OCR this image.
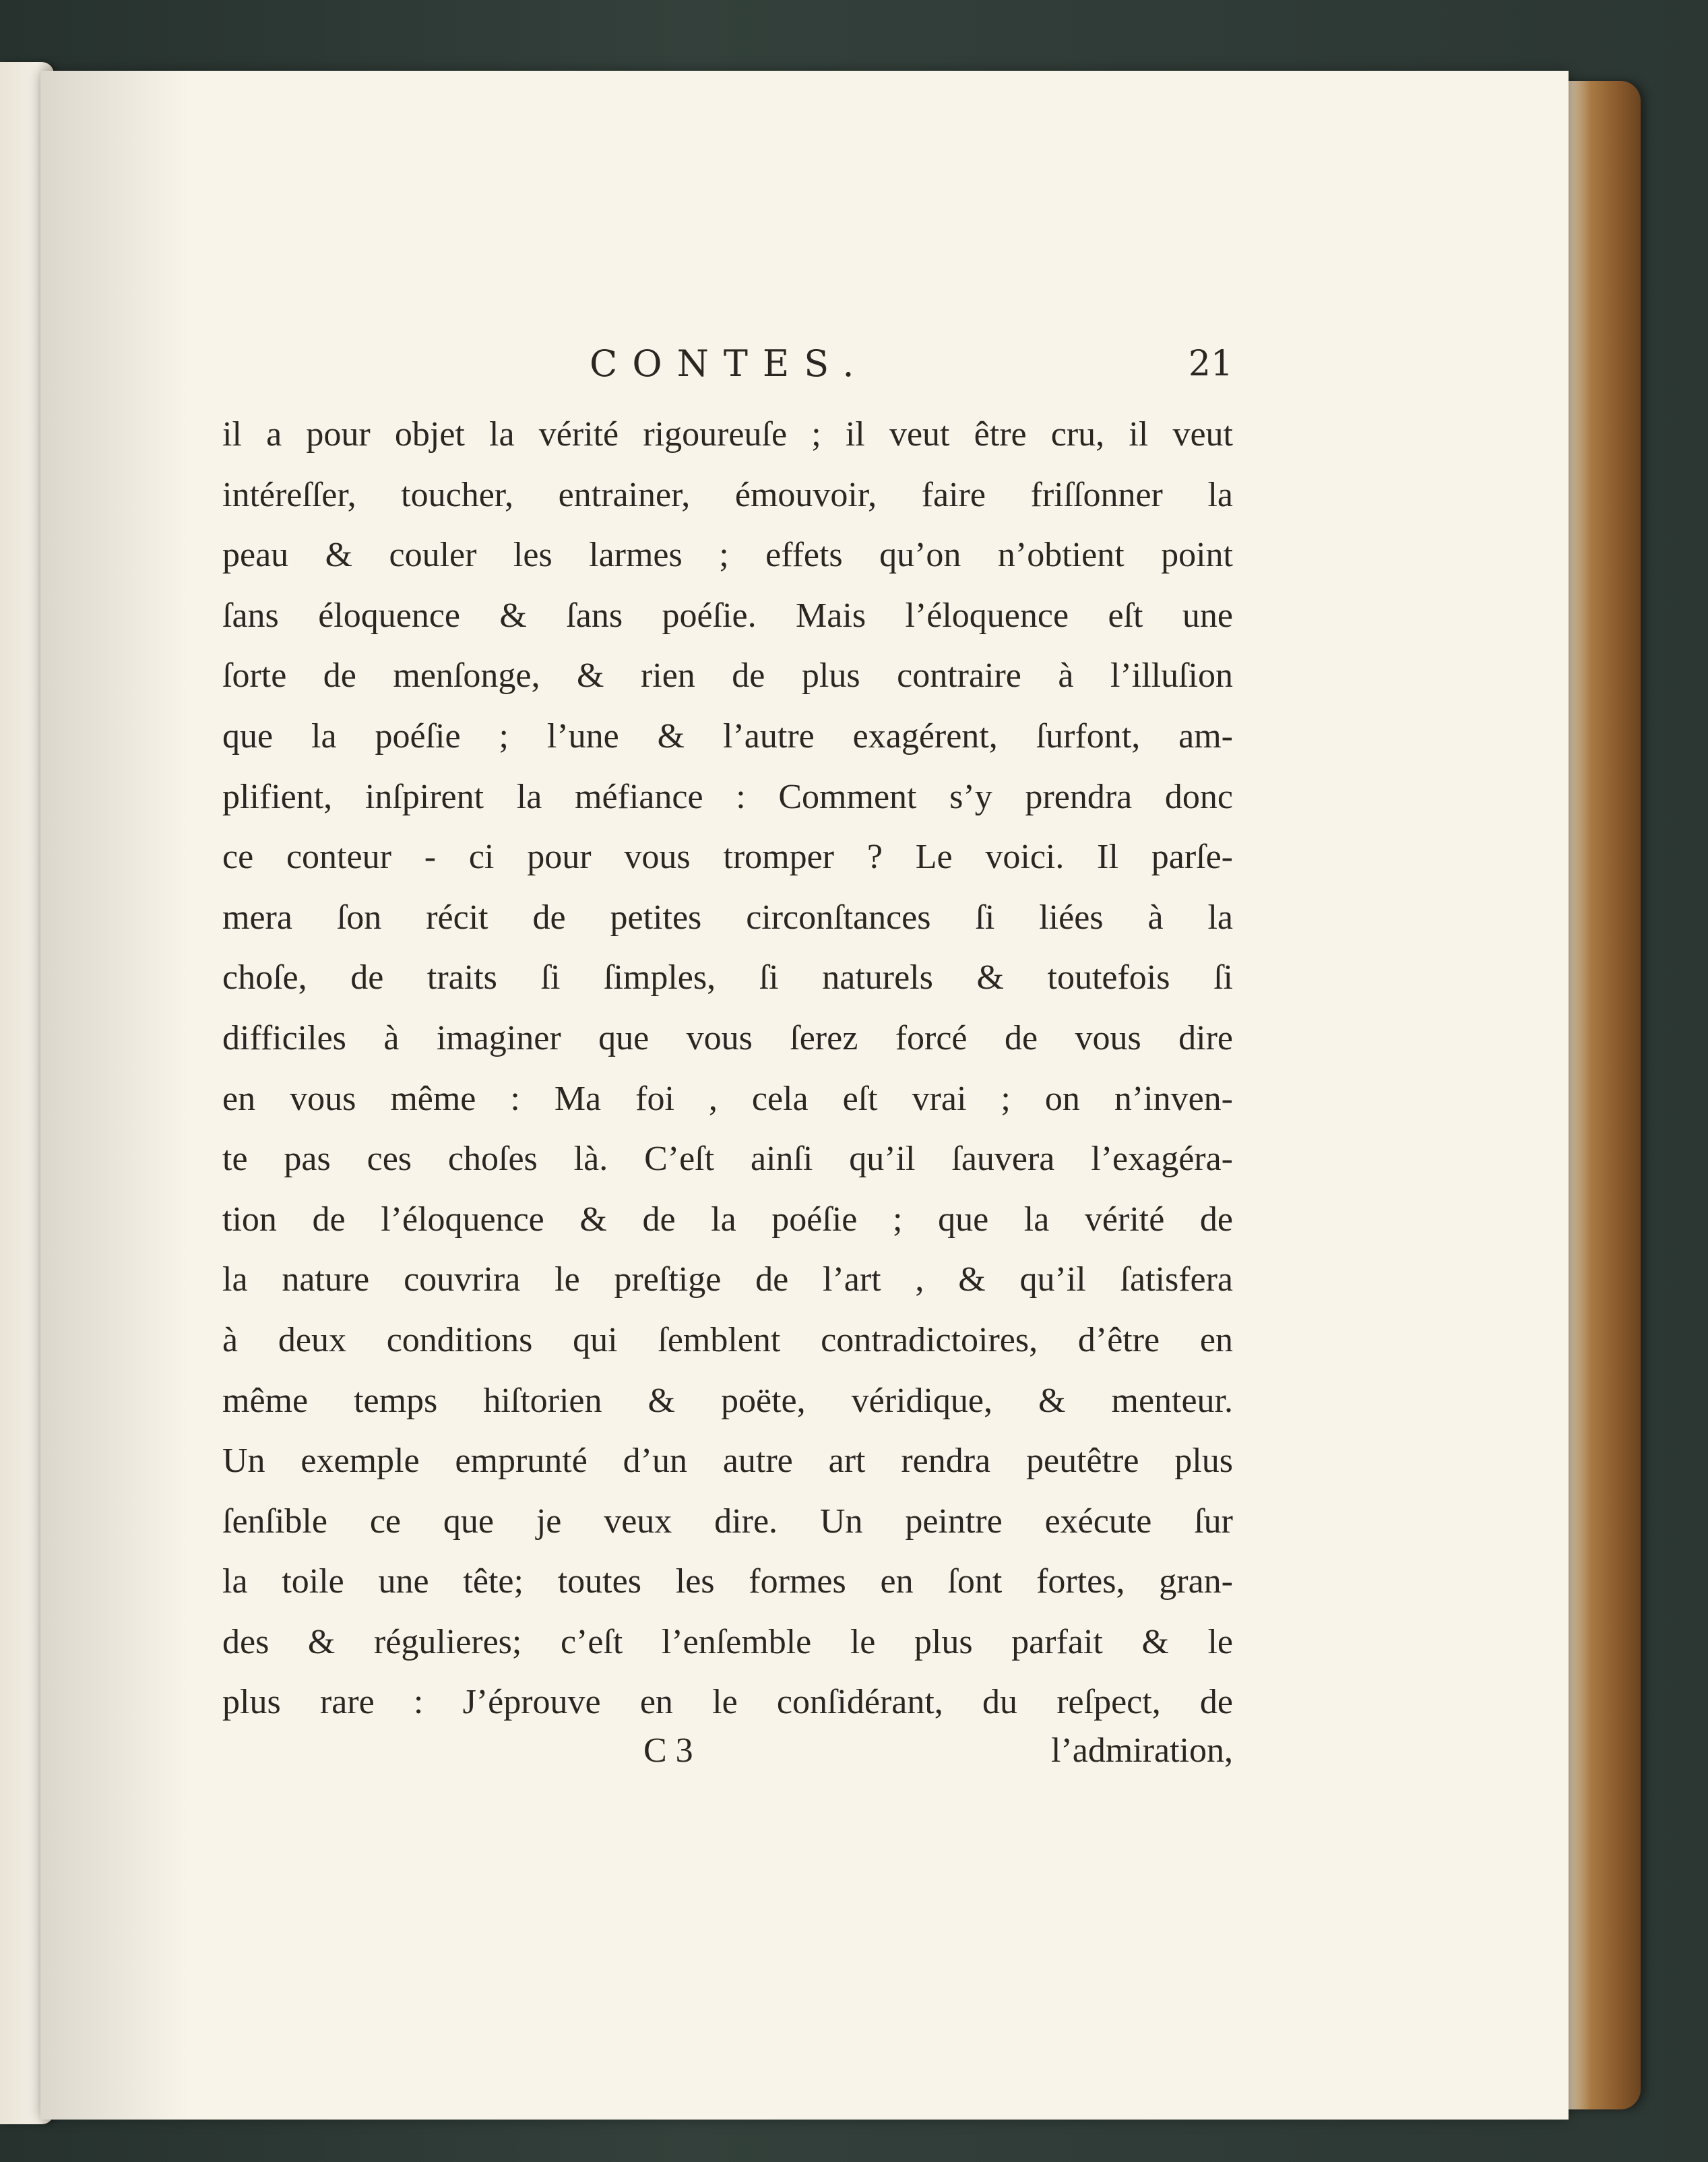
CONTES.	21
il a pour objet la vérité rigoureuſe ; il veut être cru, il veut
intéreſſer, toucher, entrainer, émouvoir, faire friſſonner la
peau & couler les larmes ; effets qu’on n’obtient point
ſans éloquence & ſans poéſie. Mais l’éloquence eſt une
ſorte de menſonge, & rien de plus contraire à l’illuſion
que la poéſie ; l’une & l’autre exagérent, ſurfont, am-
plifient, inſpirent la méfiance : Comment s’y prendra donc
ce conteur - ci pour vous tromper ? Le voici. Il parſe-
mera ſon récit de petites circonſtances ſi liées à la
choſe, de traits ſi ſimples, ſi naturels & toutefois ſi
difficiles à imaginer que vous ſerez forcé de vous dire
en vous même : Ma foi , cela eſt vrai ; on n’inven-
te pas ces choſes là. C’eſt ainſi qu’il ſauvera l’exagéra-
tion de l’éloquence & de la poéſie ; que la vérité de
la nature couvrira le preſtige de l’art , & qu’il ſatisfera
à deux conditions qui ſemblent contradictoires, d’être en
même temps hiſtorien & poëte, véridique, & menteur.
Un exemple emprunté d’un autre art rendra peutêtre plus
ſenſible ce que je veux dire. Un peintre exécute ſur
la toile une tête; toutes les formes en ſont fortes, gran-
des & régulieres; c’eſt l’enſemble le plus parfait & le
plus rare : J’éprouve en le conſidérant, du reſpect, de
C 3	l’admiration,
